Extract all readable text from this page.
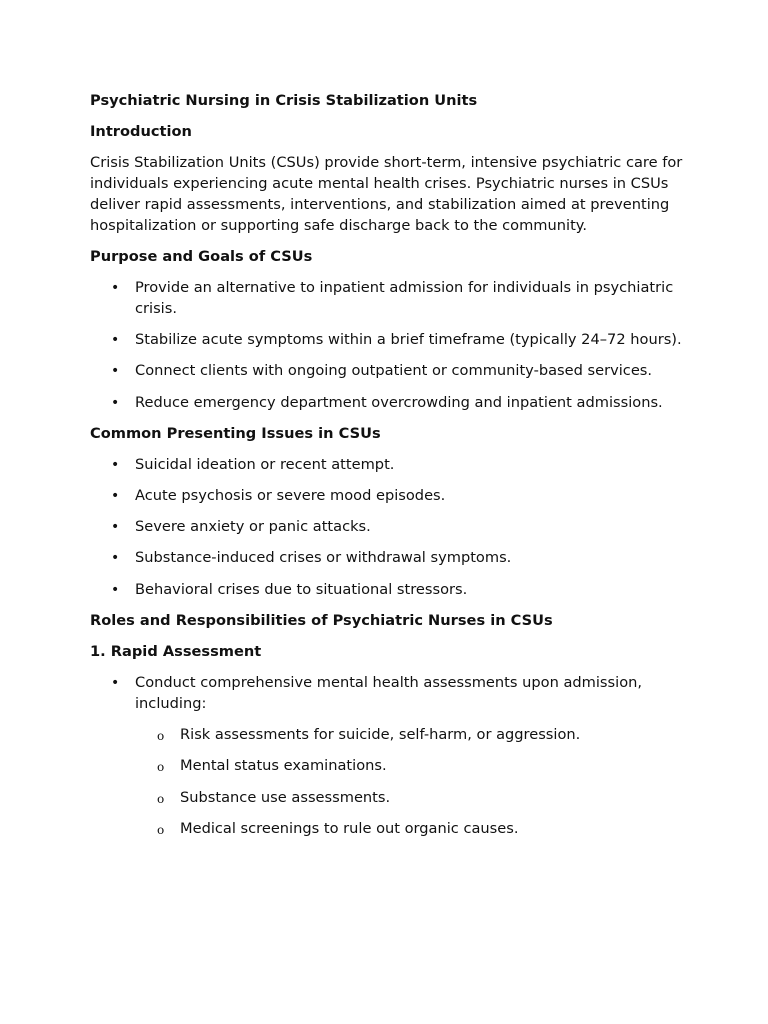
Psychiatric Nursing in Crisis Stabilization Units
Introduction
Crisis Stabilization Units (CSUs) provide short-term, intensive psychiatric care for individuals experiencing acute mental health crises. Psychiatric nurses in CSUs deliver rapid assessments, interventions, and stabilization aimed at preventing hospitalization or supporting safe discharge back to the community.
Purpose and Goals of CSUs
• Provide an alternative to inpatient admission for individuals in psychiatric crisis.
• Stabilize acute symptoms within a brief timeframe (typically 24–72 hours).
• Connect clients with ongoing outpatient or community-based services.
• Reduce emergency department overcrowding and inpatient admissions.
Common Presenting Issues in CSUs
• Suicidal ideation or recent attempt.
• Acute psychosis or severe mood episodes.
• Severe anxiety or panic attacks.
• Substance-induced crises or withdrawal symptoms.
• Behavioral crises due to situational stressors.
Roles and Responsibilities of Psychiatric Nurses in CSUs
1. Rapid Assessment
• Conduct comprehensive mental health assessments upon admission, including:
o Risk assessments for suicide, self-harm, or aggression.
o Mental status examinations.
o Substance use assessments.
o Medical screenings to rule out organic causes.
